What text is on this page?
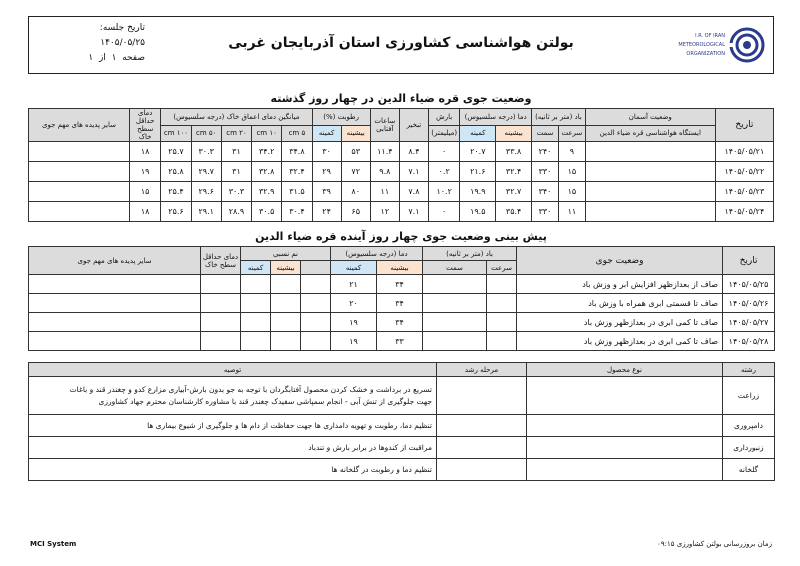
تاریخ جلسه:
۱۴۰۵/۰۵/۲۵
صفحه  ۱  از  ۱
بولتن هواشناسی کشاورزی استان آذربایجان غربی	I.R. OF IRAN
METEOROLOGICAL
ORGANIZATION
وضعیت جوی قره ضیاء الدین در چهار روز گذشته
تاریخ	وضعیت آسمان	باد (متر بر ثانیه)		دما (درجه سلسیوس)		بارش	تبخیر	ساعات آفتابی	رطوبت (%)		میانگین دمای اعماق خاک (درجه سلسیوس)					دمای حداقل سطح خاک	سایر پدیده های مهم جوی
	ایستگاه هواشناسی قره ضیاء الدین	سرعت	سمت	بیشینه	کمینه	(میلیمتر)			بیشینه	کمینه	۵ cm	۱۰ cm	۲۰ cm	۵۰ cm	۱۰۰ cm		
۱۴۰۵/۰۵/۲۱		۹	۲۴۰	۳۳.۸	۲۰.۷	۰	۸.۴	۱۱.۴	۵۳	۳۰	۳۴.۸	۳۴.۲	۳۱	۳۰.۳	۲۵.۷	۱۸	
۱۴۰۵/۰۵/۲۲		۱۵	۳۳۰	۳۲.۴	۲۱.۶	۰.۲	۷.۱	۹.۸	۷۲	۲۹	۳۲.۴	۳۲.۸	۳۱	۲۹.۷	۲۵.۸	۱۹	
۱۴۰۵/۰۵/۲۳		۱۵	۳۴۰	۳۲.۷	۱۹.۹	۱۰.۲	۷.۸	۱۱	۸۰	۳۹	۳۱.۵	۳۲.۹	۳۰.۳	۲۹.۶	۲۵.۴	۱۵	
۱۴۰۵/۰۵/۲۴		۱۱	۳۳۰	۳۵.۴	۱۹.۵	۰	۷.۱	۱۲	۶۵	۲۴	۳۰.۴	۳۰.۵	۲۸.۹	۲۹.۱	۲۵.۶	۱۸	
پیش بینی وضعیت جوی چهار روز آینده قره ضیاء الدین
تاریخ	وضعیت جوی	باد (متر بر ثانیه)		دما (درجه سلسیوس)		نم نسبی			دمای حداقل سطح خاک	سایر پدیده های مهم جوی
		سرعت	سمت	بیشینه	کمینه		بیشینه	کمینه		
۱۴۰۵/۰۵/۲۵	صاف از بعدازظهر افزایش ابر و وزش باد			۳۴	۲۱					
۱۴۰۵/۰۵/۲۶	صاف تا قسمتی ابری همراه با وزش باد			۳۴	۲۰					
۱۴۰۵/۰۵/۲۷	صاف تا کمی ابری در بعدازظهر وزش باد			۳۴	۱۹					
۱۴۰۵/۰۵/۲۸	صاف تا کمی ابری در بعدازظهر وزش باد			۳۳	۱۹					
رشته	نوع محصول	مرحله رشد	توصیه
زراعت			تسریع در برداشت و خشک کردن محصول آفتابگردان با توجه به جو بدون بارش-آبیاری مزارع کدو و چغندر قند و باغات
جهت جلوگیری از تنش آبی - انجام سمپاشی سفیدک چغندر قند با مشاوره کارشناسان محترم جهاد کشاورزی

دامپروری			تنظیم دما، رطوبت و تهویه دامداری ها جهت حفاظت از دام ها و جلوگیری از شیوع بیماری ها
زنبورداری			مراقبت از کندوها در برابر بارش و تندباد
گلخانه			تنظیم دما و رطوبت در گلخانه ها
MCI System	زمان بروزرسانی بولتن کشاورزی ۰۹:۱۵
